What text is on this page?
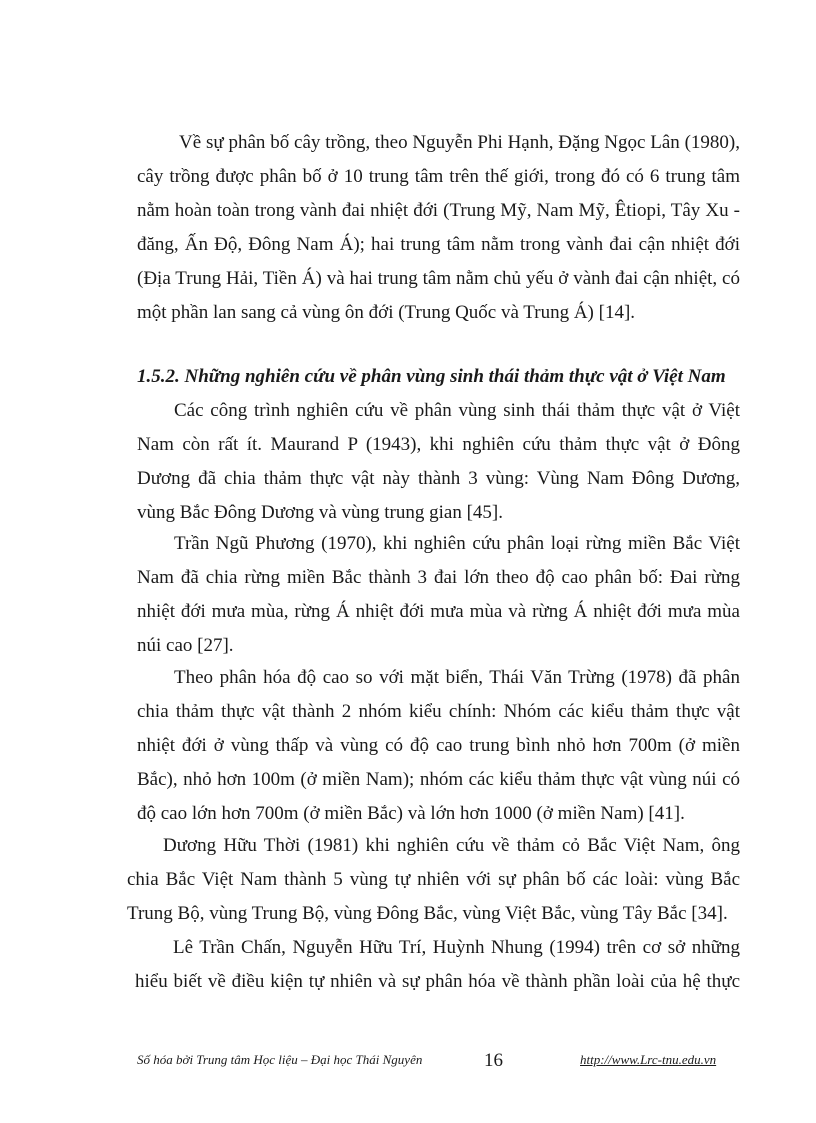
Về sự phân bố cây trồng, theo Nguyễn Phi Hạnh, Đặng Ngọc Lân (1980), cây trồng được phân bố ở 10 trung tâm trên thế giới, trong đó có 6 trung tâm nằm hoàn toàn trong vành đai nhiệt đới (Trung Mỹ, Nam Mỹ, Êtiopi, Tây Xu - đăng, Ấn Độ, Đông Nam Á); hai trung tâm nằm trong vành đai cận nhiệt đới (Địa Trung Hải, Tiền Á) và hai trung tâm nằm chủ yếu ở vành đai cận nhiệt, có một phần lan sang cả vùng ôn đới (Trung Quốc và Trung Á) [14].

1.5.2. Những nghiên cứu về phân vùng sinh thái thảm thực vật ở Việt Nam

Các công trình nghiên cứu về phân vùng sinh thái thảm thực vật ở Việt Nam còn rất ít. Maurand P (1943), khi nghiên cứu thảm thực vật ở Đông Dương đã chia thảm thực vật này thành 3 vùng: Vùng Nam Đông Dương, vùng Bắc Đông Dương và vùng trung gian [45].

Trần Ngũ Phương (1970), khi nghiên cứu phân loại rừng miền Bắc Việt Nam đã chia rừng miền Bắc thành 3 đai lớn theo độ cao phân bố: Đai rừng nhiệt đới mưa mùa, rừng Á nhiệt đới mưa mùa và rừng Á nhiệt đới mưa mùa núi cao [27].

Theo phân hóa độ cao so với mặt biển, Thái Văn Trừng (1978) đã phân chia thảm thực vật thành 2 nhóm kiểu chính: Nhóm các kiểu thảm thực vật nhiệt đới ở vùng thấp và vùng có độ cao trung bình nhỏ hơn 700m (ở miền Bắc), nhỏ hơn 100m (ở miền Nam); nhóm các kiểu thảm thực vật vùng núi có độ cao lớn hơn 700m (ở miền Bắc) và lớn hơn 1000 (ở miền Nam) [41].

Dương Hữu Thời (1981) khi nghiên cứu về thảm cỏ Bắc Việt Nam, ông chia Bắc Việt Nam thành 5 vùng tự nhiên với sự phân bố các loài: vùng Bắc Trung Bộ, vùng Trung Bộ, vùng Đông Bắc, vùng Việt Bắc, vùng Tây Bắc [34].

Lê Trần Chấn, Nguyễn Hữu Trí, Huỳnh Nhung (1994) trên cơ sở những hiểu biết về điều kiện tự nhiên và sự phân hóa về thành phần loài của hệ thực

Số hóa bởi Trung tâm Học liệu – Đại học Thái Nguyên	16	http://www.Lrc-tnu.edu.vn
